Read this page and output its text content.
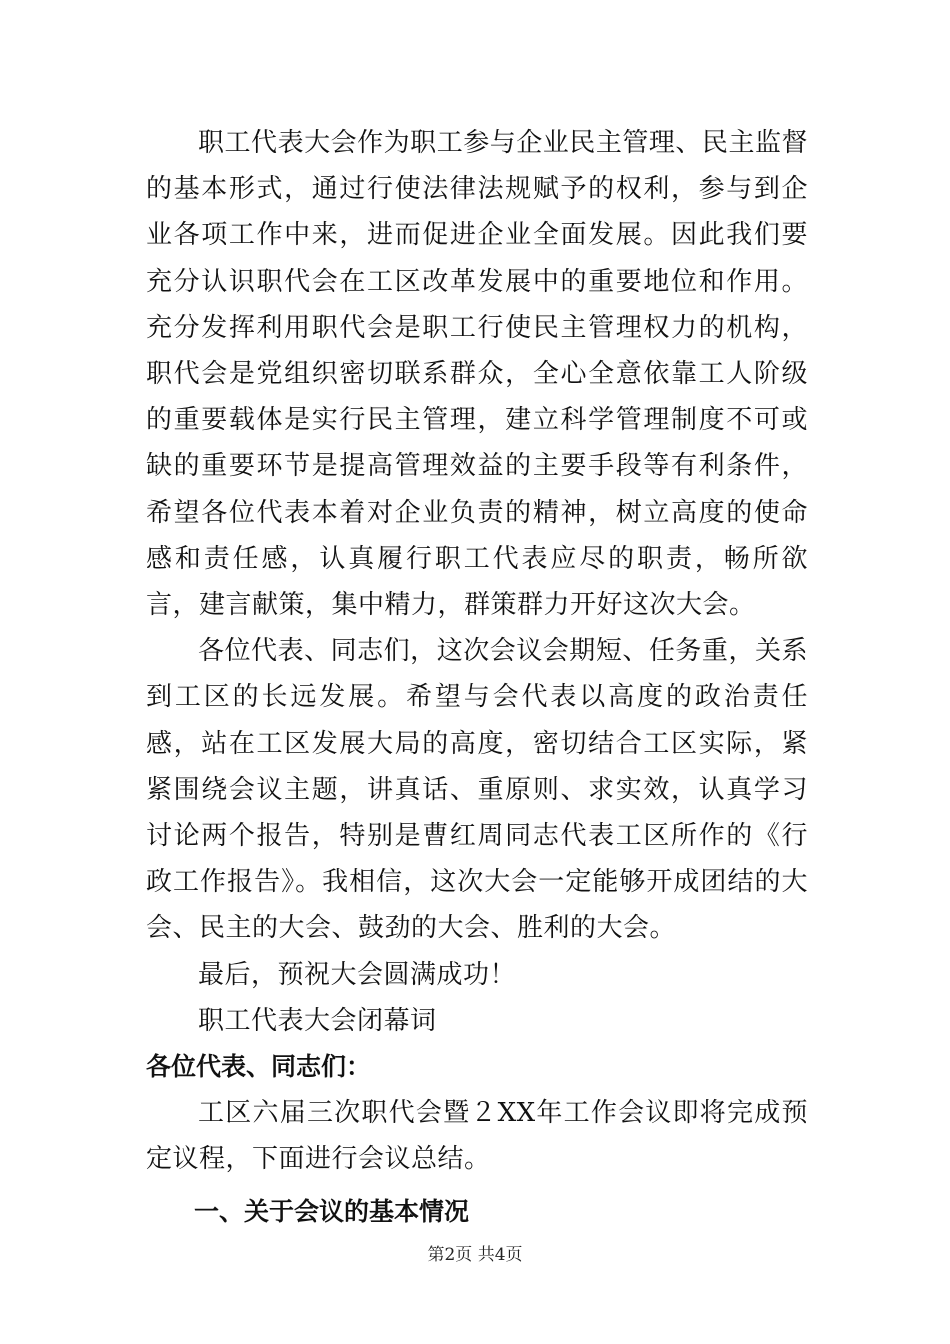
职工代表大会作为职工参与企业民主管理、民主监督的基本形式，通过行使法律法规赋予的权利，参与到企业各项工作中来，进而促进企业全面发展。因此我们要充分认识职代会在工区改革发展中的重要地位和作用。充分发挥利用职代会是职工行使民主管理权力的机构，职代会是党组织密切联系群众，全心全意依靠工人阶级的重要载体是实行民主管理，建立科学管理制度不可或缺的重要环节是提高管理效益的主要手段等有利条件，希望各位代表本着对企业负责的精神，树立高度的使命感和责任感，认真履行职工代表应尽的职责，畅所欲言，建言献策，集中精力，群策群力开好这次大会。

各位代表、同志们，这次会议会期短、任务重，关系到工区的长远发展。希望与会代表以高度的政治责任感，站在工区发展大局的高度，密切结合工区实际，紧紧围绕会议主题，讲真话、重原则、求实效，认真学习讨论两个报告，特别是曹红周同志代表工区所作的《行政工作报告》。我相信，这次大会一定能够开成团结的大会、民主的大会、鼓劲的大会、胜利的大会。

最后，预祝大会圆满成功！

职工代表大会闭幕词

各位代表、同志们：

工区六届三次职代会暨２XX年工作会议即将完成预定议程，下面进行会议总结。

一、关于会议的基本情况

第2页 共4页
